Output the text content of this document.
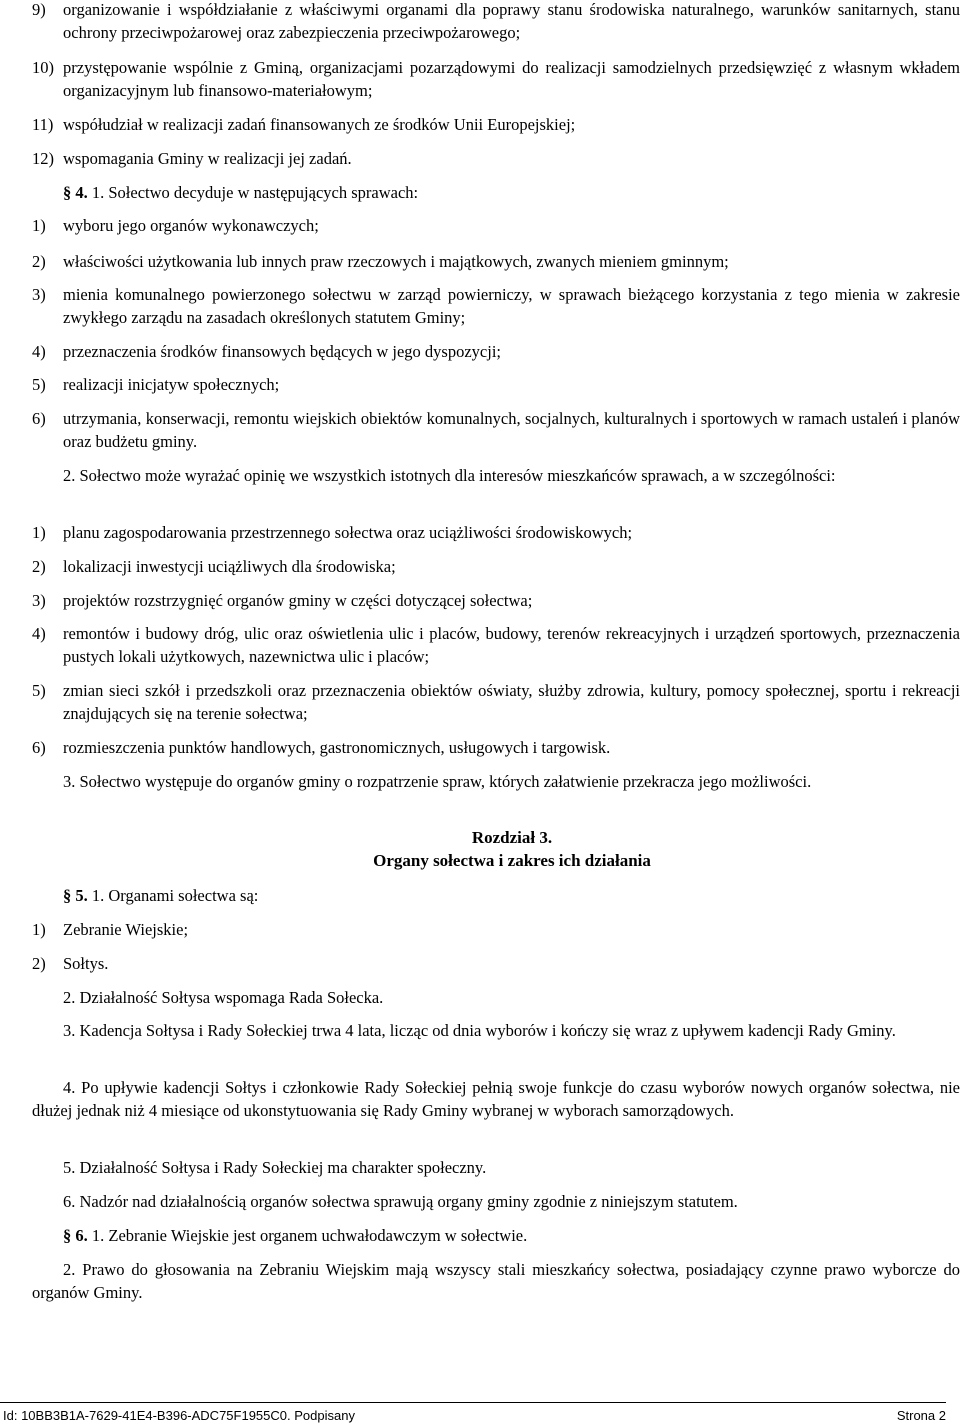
9) organizowanie i współdziałanie z właściwymi organami dla poprawy stanu środowiska naturalnego, warunków sanitarnych, stanu ochrony przeciwpożarowej oraz zabezpieczenia przeciwpożarowego;

10) przystępowanie wspólnie z Gminą, organizacjami pozarządowymi do realizacji samodzielnych przedsięwzięć z własnym wkładem organizacyjnym lub finansowo-materiałowym;

11) współudział w realizacji zadań finansowanych ze środków Unii Europejskiej;

12) wspomagania Gminy w realizacji jej zadań.

§ 4. 1. Sołectwo decyduje w następujących sprawach:

1) wyboru jego organów wykonawczych;

2) właściwości użytkowania lub innych praw rzeczowych i majątkowych, zwanych mieniem gminnym;

3) mienia komunalnego powierzonego sołectwu w zarząd powierniczy, w sprawach bieżącego korzystania z tego mienia w zakresie zwykłego zarządu na zasadach określonych statutem Gminy;

4) przeznaczenia środków finansowych będących w jego dyspozycji;

5) realizacji inicjatyw społecznych;

6) utrzymania, konserwacji, remontu wiejskich obiektów komunalnych, socjalnych, kulturalnych i sportowych w ramach ustaleń i planów oraz budżetu gminy.

2. Sołectwo może wyrażać opinię we wszystkich istotnych dla interesów mieszkańców sprawach, a w szczególności:

1) planu zagospodarowania przestrzennego sołectwa oraz uciążliwości środowiskowych;

2) lokalizacji inwestycji uciążliwych dla środowiska;

3) projektów rozstrzygnięć organów gminy w części dotyczącej sołectwa;

4) remontów i budowy dróg, ulic oraz oświetlenia ulic i placów, budowy, terenów rekreacyjnych i urządzeń sportowych, przeznaczenia pustych lokali użytkowych, nazewnictwa ulic i placów;

5) zmian sieci szkół i przedszkoli oraz przeznaczenia obiektów oświaty, służby zdrowia, kultury, pomocy społecznej, sportu i rekreacji znajdujących się na terenie sołectwa;

6) rozmieszczenia punktów handlowych, gastronomicznych, usługowych i targowisk.

3. Sołectwo występuje do organów gminy o rozpatrzenie spraw, których załatwienie przekracza jego możliwości.

Rozdział 3.
Organy sołectwa i zakres ich działania

§ 5. 1. Organami sołectwa są:

1) Zebranie Wiejskie;

2) Sołtys.

2. Działalność Sołtysa wspomaga Rada Sołecka.

3. Kadencja Sołtysa i Rady Sołeckiej trwa 4 lata, licząc od dnia wyborów i kończy się wraz z upływem kadencji Rady Gminy.

4. Po upływie kadencji Sołtys i członkowie Rady Sołeckiej pełnią swoje funkcje do czasu wyborów nowych organów sołectwa, nie dłużej jednak niż 4 miesiące od ukonstytuowania się Rady Gminy wybranej w wyborach samorządowych.

5. Działalność Sołtysa i Rady Sołeckiej ma charakter społeczny.

6. Nadzór nad działalnością organów sołectwa sprawują organy gminy zgodnie z niniejszym statutem.

§ 6. 1. Zebranie Wiejskie jest organem uchwałodawczym w sołectwie.

2. Prawo do głosowania na Zebraniu Wiejskim mają wszyscy stali mieszkańcy sołectwa, posiadający czynne prawo wyborcze do organów Gminy.

Id: 10BB3B1A-7629-41E4-B396-ADC75F1955C0. Podpisany	Strona 2
